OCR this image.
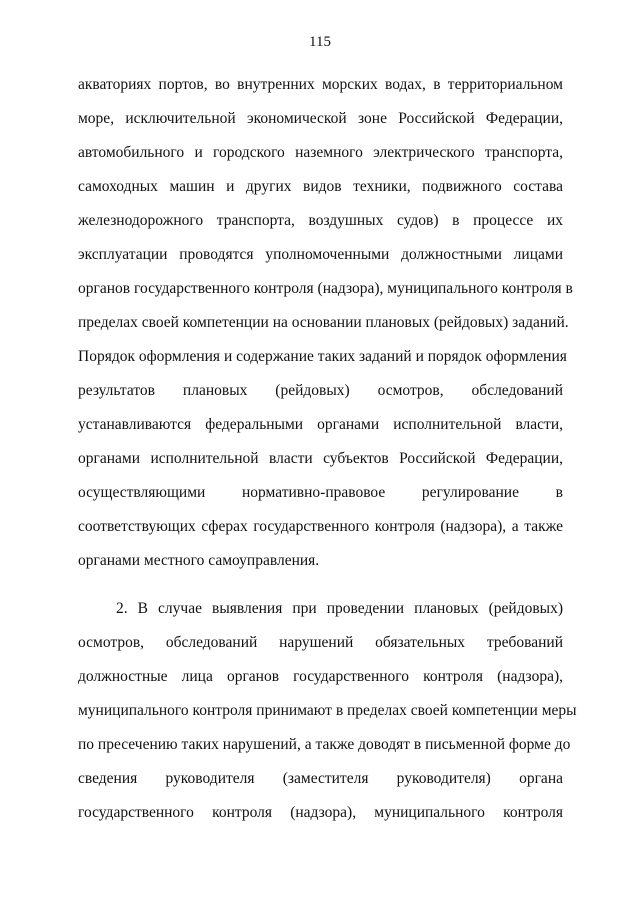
115
акваториях портов, во внутренних морских водах, в территориальном
море, исключительной экономической зоне Российской Федерации,
автомобильного и городского наземного электрического транспорта,
самоходных машин и других видов техники, подвижного состава
железнодорожного транспорта, воздушных судов) в процессе их
эксплуатации проводятся уполномоченными должностными лицами
органов государственного контроля (надзора), муниципального контроля в
пределах своей компетенции на основании плановых (рейдовых) заданий.
Порядок оформления и содержание таких заданий и порядок оформления
результатов плановых (рейдовых) осмотров, обследований
устанавливаются федеральными органами исполнительной власти,
органами исполнительной власти субъектов Российской Федерации,
осуществляющими нормативно-правовое регулирование в
соответствующих сферах государственного контроля (надзора), а также
органами местного самоуправления.
2. В случае выявления при проведении плановых (рейдовых)
осмотров, обследований нарушений обязательных требований
должностные лица органов государственного контроля (надзора),
муниципального контроля принимают в пределах своей компетенции меры
по пресечению таких нарушений, а также доводят в письменной форме до
сведения руководителя (заместителя руководителя) органа
государственного контроля (надзора), муниципального контроля
